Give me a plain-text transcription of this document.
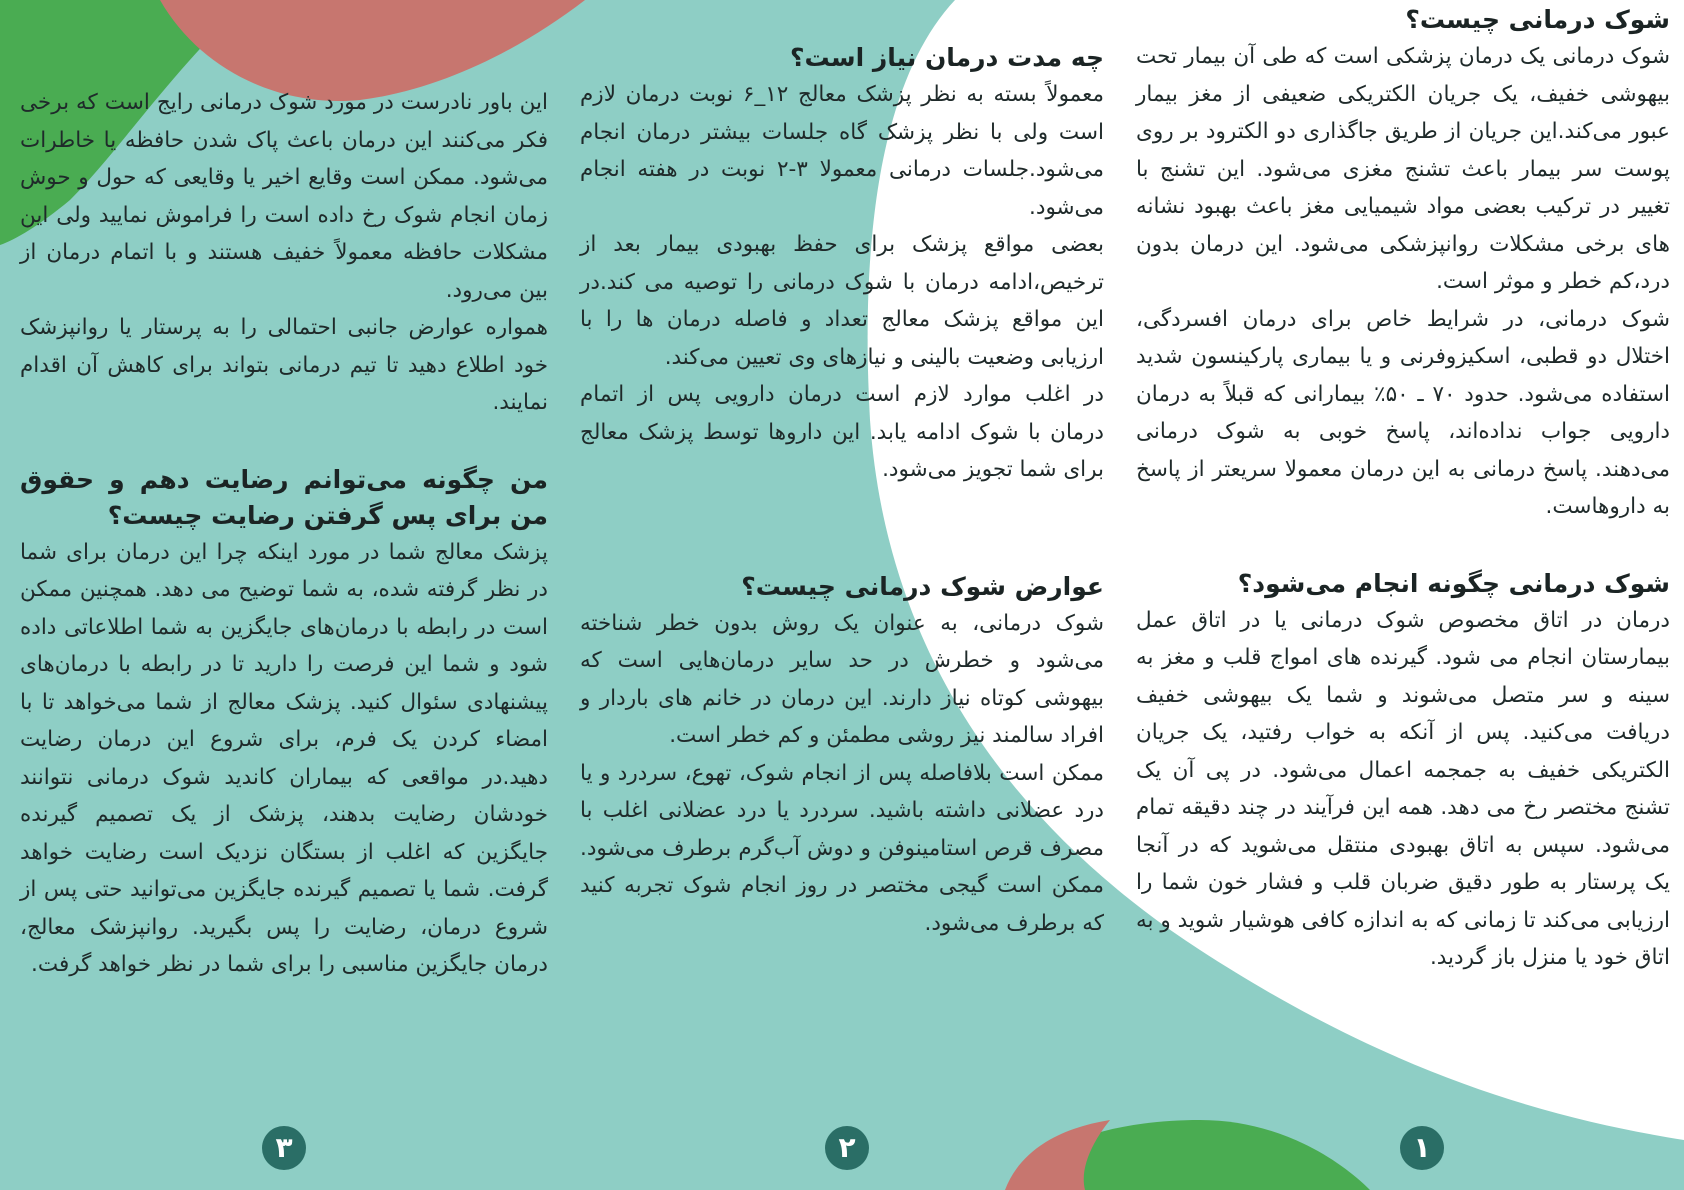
شوک درمانی چیست؟

شوک درمانی یک درمان پزشکی است که طی آن بیمار تحت بیهوشی خفیف، یک جریان الکتریکی ضعیفی از مغز بیمار عبور می‌کند.این جریان از طریق جاگذاری دو الکترود بر روی پوست سر بیمار باعث تشنج مغزی می‌شود. این تشنج با تغییر در ترکیب بعضی مواد شیمیایی مغز باعث بهبود نشانه های برخی مشکلات روانپزشکی می‌شود. این درمان بدون درد،کم خطر و موثر است.

شوک درمانی، در شرایط خاص برای درمان افسردگی، اختلال دو قطبی، اسکیزوفرنی و یا بیماری پارکینسون شدید استفاده می‌شود. حدود ۷۰ ـ ۵۰٪ بیمارانی که قبلاً به درمان دارویی جواب نداده‌اند، پاسخ خوبی به شوک درمانی می‌دهند. پاسخ درمانی به این درمان معمولا سریعتر از پاسخ به داروهاست.

شوک درمانی چگونه انجام می‌شود؟

درمان در اتاق مخصوص شوک درمانی یا در اتاق عمل بیمارستان انجام می شود. گیرنده های امواج قلب و مغز به سینه و سر متصل می‌شوند و شما یک بیهوشی خفیف دریافت می‌کنید. پس از آنکه به خواب رفتید، یک جریان الکتریکی خفیف به جمجمه اعمال می‌شود. در پی آن یک تشنج مختصر رخ می دهد. همه این فرآیند در چند دقیقه تمام می‌شود. سپس به اتاق بهبودی منتقل می‌شوید که در آنجا یک پرستار به طور دقیق ضربان قلب و فشار خون شما را ارزیابی می‌کند تا زمانی که به اندازه کافی هوشیار شوید و به اتاق خود یا منزل باز گردید.

چه مدت درمان نیاز است؟

معمولاً بسته به نظر پزشک معالج ۱۲_۶ نوبت درمان لازم است ولی با نظر پزشک گاه جلسات بیشتر درمان انجام می‌شود.جلسات درمانی معمولا ۳-۲ نوبت در هفته انجام می‌شود.

بعضی مواقع پزشک برای حفظ بهبودی بیمار بعد از ترخیص،ادامه درمان با شوک درمانی را توصیه می کند.در این مواقع پزشک معالج تعداد و فاصله درمان ها را با ارزیابی وضعیت بالینی و نیازهای وی تعیین می‌کند.

در اغلب موارد لازم است درمان دارویی پس از اتمام درمان با شوک ادامه یابد. این داروها توسط پزشک معالج برای شما تجویز می‌شود.

عوارض شوک درمانی چیست؟

شوک درمانی، به عنوان یک روش بدون خطر شناخته می‌شود و خطرش در حد سایر درمان‌هایی است که بیهوشی کوتاه نیاز دارند. این درمان در خانم های باردار و افراد سالمند نیز روشی مطمئن و کم خطر است.

ممکن است بلافاصله پس از انجام شوک، تهوع، سردرد و یا درد عضلانی داشته باشید. سردرد یا درد عضلانی اغلب با مصرف قرص استامینوفن و دوش آب‌گرم برطرف می‌شود. ممکن است گیجی مختصر در روز انجام شوک تجربه کنید که برطرف می‌شود.

این باور نادرست در مورد شوک درمانی رایج است که برخی فکر می‌کنند این درمان باعث پاک شدن حافظه یا خاطرات می‌شود. ممکن است وقایع اخیر یا وقایعی که حول و حوش زمان انجام شوک رخ داده است را فراموش نمایید ولی این مشکلات حافظه معمولاً خفیف هستند و با اتمام درمان از بین می‌رود.

همواره عوارض جانبی احتمالی را به پرستار یا روانپزشک خود اطلاع دهید تا تیم درمانی بتواند برای کاهش آن اقدام نمایند.

من چگونه می‌توانم رضایت دهم و حقوق من برای پس گرفتن رضایت چیست؟

پزشک معالج شما در مورد اینکه چرا این درمان برای شما در نظر گرفته شده، به شما توضیح می دهد. همچنین ممکن است در رابطه با درمان‌های جایگزین به شما اطلاعاتی داده شود و شما این فرصت را دارید تا در رابطه با درمان‌های پیشنهادی سئوال کنید. پزشک معالج از شما می‌خواهد تا با امضاء کردن یک فرم، برای شروع این درمان رضایت دهید.در مواقعی که بیماران کاندید شوک درمانی نتوانند خودشان رضایت بدهند، پزشک از یک تصمیم گیرنده جایگزین که اغلب از بستگان نزدیک است رضایت خواهد گرفت. شما یا تصمیم گیرنده جایگزین می‌توانید حتی پس از شروع درمان، رضایت را پس بگیرید. روانپزشک معالج، درمان جایگزین مناسبی را برای شما در نظر خواهد گرفت.

۱
۲
۳
